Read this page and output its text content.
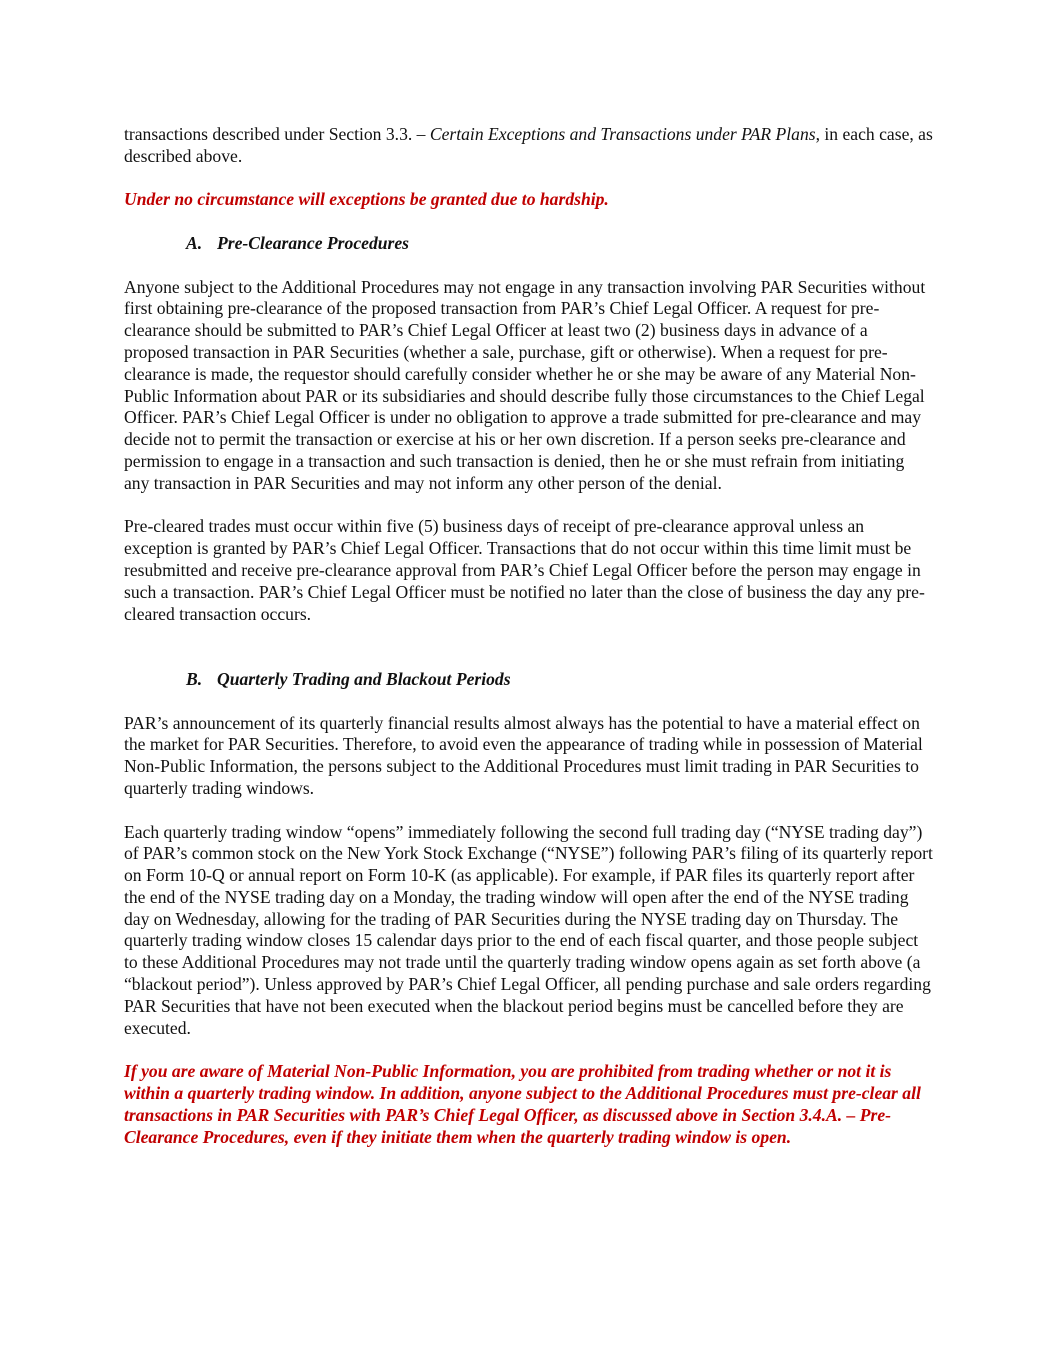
transactions described under Section 3.3. – Certain Exceptions and Transactions under PAR Plans, in each case, as described above.

Under no circumstance will exceptions be granted due to hardship.

A. Pre-Clearance Procedures

Anyone subject to the Additional Procedures may not engage in any transaction involving PAR Securities without first obtaining pre-clearance of the proposed transaction from PAR’s Chief Legal Officer. A request for pre-clearance should be submitted to PAR’s Chief Legal Officer at least two (2) business days in advance of a proposed transaction in PAR Securities (whether a sale, purchase, gift or otherwise). When a request for pre-clearance is made, the requestor should carefully consider whether he or she may be aware of any Material Non-Public Information about PAR or its subsidiaries and should describe fully those circumstances to the Chief Legal Officer. PAR’s Chief Legal Officer is under no obligation to approve a trade submitted for pre-clearance and may decide not to permit the transaction or exercise at his or her own discretion. If a person seeks pre-clearance and permission to engage in a transaction and such transaction is denied, then he or she must refrain from initiating any transaction in PAR Securities and may not inform any other person of the denial.

Pre-cleared trades must occur within five (5) business days of receipt of pre-clearance approval unless an exception is granted by PAR’s Chief Legal Officer. Transactions that do not occur within this time limit must be resubmitted and receive pre-clearance approval from PAR’s Chief Legal Officer before the person may engage in such a transaction. PAR’s Chief Legal Officer must be notified no later than the close of business the day any pre-cleared transaction occurs.

B. Quarterly Trading and Blackout Periods

PAR’s announcement of its quarterly financial results almost always has the potential to have a material effect on the market for PAR Securities. Therefore, to avoid even the appearance of trading while in possession of Material Non-Public Information, the persons subject to the Additional Procedures must limit trading in PAR Securities to quarterly trading windows.

Each quarterly trading window “opens” immediately following the second full trading day (“NYSE trading day”) of PAR’s common stock on the New York Stock Exchange (“NYSE”) following PAR’s filing of its quarterly report on Form 10-Q or annual report on Form 10-K (as applicable). For example, if PAR files its quarterly report after the end of the NYSE trading day on a Monday, the trading window will open after the end of the NYSE trading day on Wednesday, allowing for the trading of PAR Securities during the NYSE trading day on Thursday. The quarterly trading window closes 15 calendar days prior to the end of each fiscal quarter, and those people subject to these Additional Procedures may not trade until the quarterly trading window opens again as set forth above (a “blackout period”). Unless approved by PAR’s Chief Legal Officer, all pending purchase and sale orders regarding PAR Securities that have not been executed when the blackout period begins must be cancelled before they are executed.

If you are aware of Material Non-Public Information, you are prohibited from trading whether or not it is within a quarterly trading window. In addition, anyone subject to the Additional Procedures must pre-clear all transactions in PAR Securities with PAR’s Chief Legal Officer, as discussed above in Section 3.4.A. – Pre-Clearance Procedures, even if they initiate them when the quarterly trading window is open.
